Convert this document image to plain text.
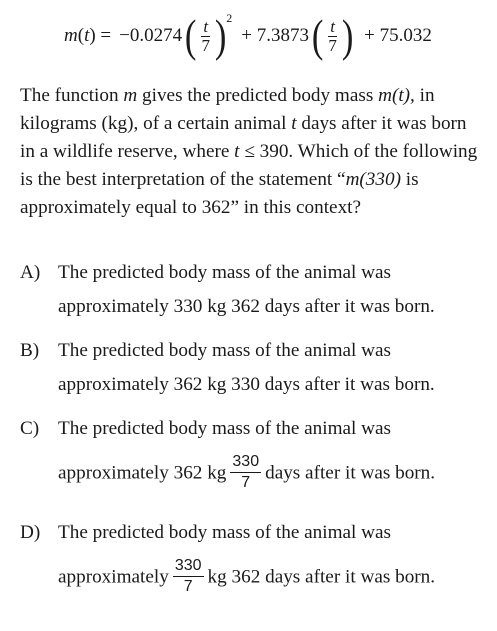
m(t) = −0.0274 ( $\frac{t}{7}$ ) 2
+ 7.3873 ( $\frac{t}{7}$ ) + 75.032

The function m gives the predicted body mass m(t), in kilograms (kg), of a certain animal t days after it was born in a wildlife reserve, where t ≤ 390. Which of the following is the best interpretation of the statement “m(330) is approximately equal to 362” in this context?

A) The predicted body mass of the animal was
approximately 330 kg 362 days after it was born.
B) The predicted body mass of the animal was
approximately 362 kg 330 days after it was born.
C) The predicted body mass of the animal was
approximately 362 kg $\frac{330}{7}$ days after it was born.
D) The predicted body mass of the animal was
approximately $\frac{330}{7}$ kg 362 days after it was born.
